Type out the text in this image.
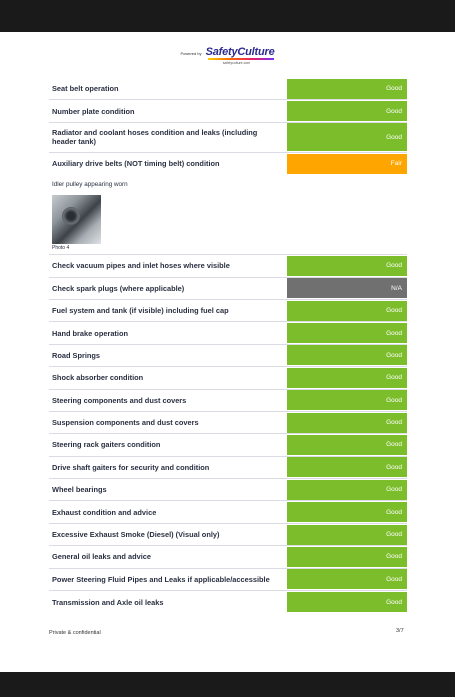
Powered by SafetyCulture
safetyculture.com
Seat belt operation	Good
Number plate condition	Good
Radiator and coolant hoses condition and leaks (including header tank)	Good
Auxiliary drive belts (NOT timing belt) condition	Fair
Idler pulley appearing worn
Photo 4
Check vacuum pipes and inlet hoses where visible	Good
Check spark plugs (where applicable)	N/A
Fuel system and tank (if visible) including fuel cap	Good
Hand brake operation	Good
Road Springs	Good
Shock absorber condition	Good
Steering components and dust covers	Good
Suspension components and dust covers	Good
Steering rack gaiters condition	Good
Drive shaft gaiters for security and condition	Good
Wheel bearings	Good
Exhaust condition and advice	Good
Excessive Exhaust Smoke (Diesel) (Visual only)	Good
General oil leaks and advice	Good
Power Steering Fluid Pipes and Leaks if applicable/accessible	Good
Transmission and Axle oil leaks	Good
Private & confidential	3/7
